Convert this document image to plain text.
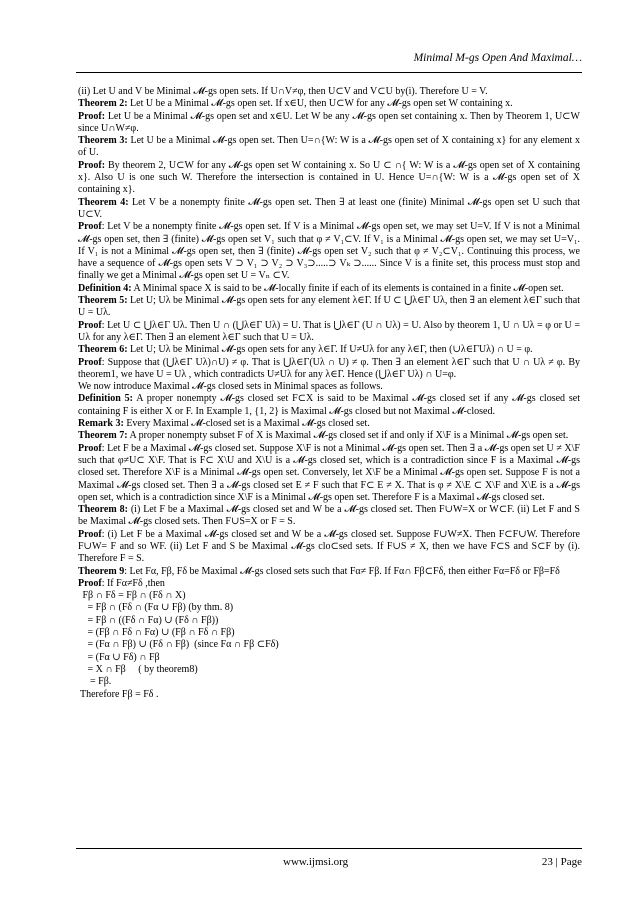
Minimal M-gs Open And Maximal…

(ii) Let U and V be Minimal 𝓜-gs open sets. If U∩V≠φ, then U⊂V and V⊂U by(i). Therefore U = V.

Theorem 2: Let U be a Minimal 𝓜-gs open set. If x∈U, then U⊂W for any 𝓜-gs open set W containing x.

Proof: Let U be a Minimal 𝓜-gs open set and x∈U. Let W be any 𝓜-gs open set containing x. Then by Theorem 1, U⊂W since U∩W≠φ.

Theorem 3: Let U be a Minimal 𝓜-gs open set. Then U=∩{W: W is a 𝓜-gs open set of X containing x} for any element x of U.

Proof: By theorem 2, U⊂W for any 𝓜-gs open set W containing x. So U ⊂ ∩{ W: W is a 𝓜-gs open set of X containing x}. Also U is one such W. Therefore the intersection is contained in U. Hence U=∩{W: W is a 𝓜-gs open set of X containing x}.

Theorem 4: Let V be a nonempty finite 𝓜-gs open set. Then ∃ at least one (finite) Minimal 𝓜-gs open set U such that U⊂V.

Proof: Let V be a nonempty finite 𝓜-gs open set. If V is a Minimal 𝓜-gs open set, we may set U=V. If V is not a Minimal 𝓜-gs open set, then ∃ (finite) 𝓜-gs open set V₁ such that φ ≠ V₁⊂V. If V₁ is a Minimal 𝓜-gs open set, we may set U=V₁. If V₁ is not a Minimal 𝓜-gs open set, then ∃ (finite) 𝓜-gs open set V₂ such that φ ≠ V₂⊂V₁. Continuing this process, we have a sequence of 𝓜-gs open sets V ⊃ V₁ ⊃ V₂ ⊃ V₃⊃.....⊃ Vₖ ⊃...... Since V is a finite set, this process must stop and finally we get a Minimal 𝓜-gs open set U = Vₙ ⊂V.

Definition 4: A Minimal space X is said to be 𝓜-locally finite if each of its elements is contained in a finite 𝓜-open set.

Theorem 5: Let U; Uλ be Minimal 𝓜-gs open sets for any element λ∈Γ. If U ⊂ ⋃λ∈Γ Uλ, then ∃ an element λ∈Γ such that U = Uλ.

Proof: Let U ⊂ ⋃λ∈Γ Uλ. Then U ∩ (⋃λ∈Γ Uλ) = U. That is ⋃λ∈Γ (U ∩ Uλ) = U. Also by theorem 1, U ∩ Uλ = φ or U = Uλ for any λ∈Γ. Then ∃ an element λ∈Γ such that U = Uλ.

Theorem 6: Let U; Uλ be Minimal 𝓜-gs open sets for any λ∈Γ. If U≠Uλ for any λ∈Γ, then (∪λ∈ΓUλ) ∩ U = φ.

Proof: Suppose that (⋃λ∈Γ Uλ)∩U) ≠ φ. That is ⋃λ∈Γ(Uλ ∩ U) ≠ φ. Then ∃ an element λ∈Γ such that U ∩ Uλ ≠ φ. By theorem1, we have U = Uλ , which contradicts U≠Uλ for any λ∈Γ. Hence (⋃λ∈Γ Uλ) ∩ U=φ.

We now introduce Maximal 𝓜-gs closed sets in Minimal spaces as follows.

Definition 5: A proper nonempty 𝓜-gs closed set F⊂X is said to be Maximal 𝓜-gs closed set if any 𝓜-gs closed set containing F is either X or F. In Example 1, {1, 2} is Maximal 𝓜-gs closed but not Maximal 𝓜-closed.

Remark 3: Every Maximal 𝓜-closed set is a Maximal 𝓜-gs closed set.

Theorem 7: A proper nonempty subset F of X is Maximal 𝓜-gs closed set if and only if X\F is a Minimal 𝓜-gs open set.

Proof: Let F be a Maximal 𝓜-gs closed set. Suppose X\F is not a Minimal 𝓜-gs open set. Then ∃ a 𝓜-gs open set U ≠ X\F such that φ≠U⊂ X\F. That is F⊂ X\U and X\U is a 𝓜-gs closed set, which is a contradiction since F is a Maximal 𝓜-gs closed set. Therefore X\F is a Minimal 𝓜-gs open set. Conversely, let X\F be a Minimal 𝓜-gs open set. Suppose F is not a Maximal 𝓜-gs closed set. Then ∃ a 𝓜-gs closed set E ≠ F such that F⊂ E ≠ X. That is φ ≠ X\E ⊂ X\F and X\E is a 𝓜-gs open set, which is a contradiction since X\F is a Minimal 𝓜-gs open set. Therefore F is a Maximal 𝓜-gs closed set.

Theorem 8: (i) Let F be a Maximal 𝓜-gs closed set and W be a 𝓜-gs closed set. Then F∪W=X or W⊂F. (ii) Let F and S be Maximal 𝓜-gs closed sets. Then F∪S=X or F = S.

Proof: (i) Let F be a Maximal 𝓜-gs closed set and W be a 𝓜-gs closed set. Suppose F∪W≠X. Then F⊂F∪W. Therefore F∪W= F and so WF. (ii) Let F and S be Maximal 𝓜-gs clo⊂sed sets. If F∪S ≠ X, then we have F⊂S and S⊂F by (i). Therefore F = S.

Theorem 9: Let Fα, Fβ, Fδ be Maximal 𝓜-gs closed sets such that Fα≠ Fβ. If Fα∩ Fβ⊂Fδ, then either Fα=Fδ or Fβ=Fδ

Proof: If Fα≠Fδ ,then

Fβ ∩ Fδ = Fβ ∩ (Fδ ∩ X)

= Fβ ∩ (Fδ ∩ (Fα ∪ Fβ) (by thm. 8)

= Fβ ∩ ((Fδ ∩ Fα) ∪ (Fδ ∩ Fβ))

= (Fβ ∩ Fδ ∩ Fα) ∪ (Fβ ∩ Fδ ∩ Fβ)

= (Fα ∩ Fβ) ∪ (Fδ ∩ Fβ)  (since Fα ∩ Fβ ⊂Fδ)

= (Fα ∪ Fδ) ∩ Fβ

= X ∩ Fβ     ( by theorem8)

= Fβ.

Therefore Fβ = Fδ .

www.ijmsi.org	23 | Page
